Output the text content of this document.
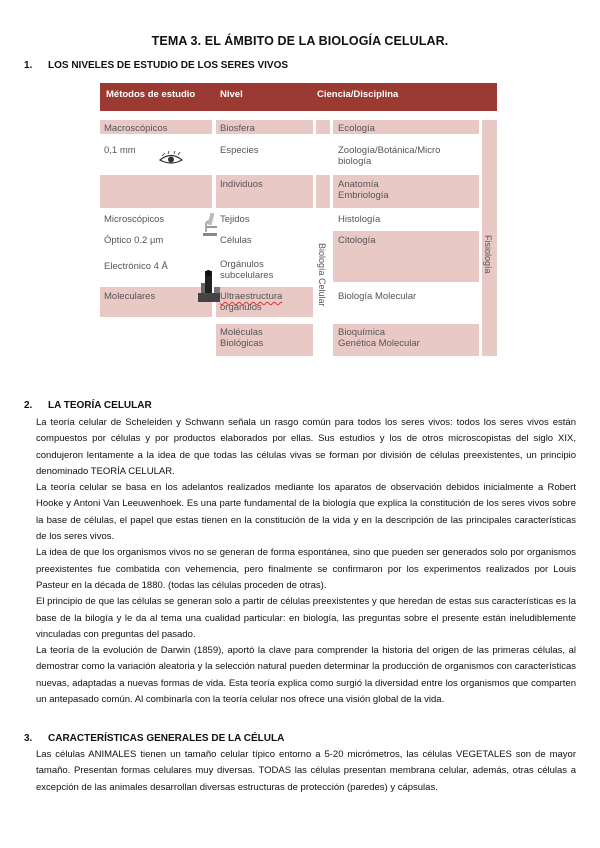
TEMA 3. EL ÁMBITO DE LA BIOLOGÍA CELULAR.
1. LOS NIVELES DE ESTUDIO DE LOS SERES VIVOS
Métodos de estudio	Nivel	Ciencia/Disciplina
Macroscópicos
0,1 mm
Microscópicos
Óptico 0.2 µm
Electrónico 4 Å
Moleculares
Biosfera
Especies
Individuos
Tejidos
Células
Orgánulos
subcelulares
Ultraestructura
orgánulos
Moléculas
Biológicas
Biología Celular
Ecología
Zoología/Botánica/Micro
biología
Anatomía
Embriología
Histología
Citología
Biología Molecular
Bioquímica
Genética Molecular
Fisiología
2. LA TEORÍA CELULAR

La teoría celular de Scheleiden y Schwann señala un rasgo común para todos los seres vivos: todos los seres vivos están compuestos por células y por productos elaborados por ellas. Sus estudios y los de otros microscopistas del siglo XIX, condujeron lentamente a la idea de que todas las células vivas se forman por división de células preexistentes, un principio denominado TEORÍA CELULAR.

La teoría celular se basa en los adelantos realizados mediante los aparatos de observación debidos inicialmente a Robert Hooke y Antoni Van Leeuwenhoek. Es una parte fundamental de la biología que explica la constitución de los seres vivos sobre la base de células, el papel que estas tienen en la constitución de la vida y en la descripción de las principales características de los seres vivos.

La idea de que los organismos vivos no se generan de forma espontánea, sino que pueden ser generados solo por organismos preexistentes fue combatida con vehemencia, pero finalmente se confirmaron por los experimentos realizados por Louis Pasteur en la década de 1880. (todas las células proceden de otras).

El principio de que las células se generan solo a partir de células preexistentes y que heredan de estas sus características es la base de la bilogía y le da al tema una cualidad particular: en biología, las preguntas sobre el presente están ineludiblemente vinculadas con preguntas del pasado.

La teoría de la evolución de Darwin (1859), aportó la clave para comprender la historia del origen de las primeras células, al demostrar como la variación aleatoria y la selección natural pueden determinar la producción de organismos con características nuevas, adaptadas a nuevas formas de vida. Esta teoría explica como surgió la diversidad entre los organismos que comparten un antepasado común. Al combinarla con la teoría celular nos ofrece una visión global de la vida.

3. CARACTERÍSTICAS GENERALES DE LA CÉLULA

Las células ANIMALES tienen un tamaño celular típico entorno a 5-20 micrómetros, las células VEGETALES son de mayor tamaño. Presentan formas celulares muy diversas. TODAS las células presentan membrana celular, además, otras células a excepción de las animales desarrollan diversas estructuras de protección (paredes) y cápsulas.
